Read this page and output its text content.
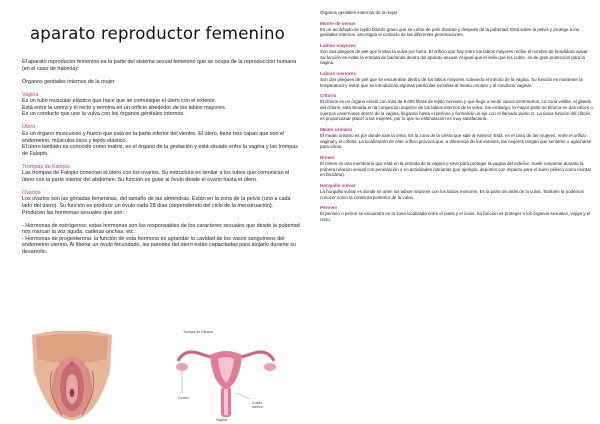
aparato reproductor femenino

El aparato reproductor femenino es la parte del sistema sexual femenino que se ocupa de la reproducción humana (en el caso de haberla):

Órganos genitales internos de la mujer

Vagina

Es un tubo muscular elástico que hace que se comunique el útero con el exterior.

Está entre la uretra y el recto y termina en un orificio alrededor de los labios mayores.

Es un conducto que une la vulva con los órganos genitales internos.

Útero

Es un órgano musculoso y hueco que está en la parte inferior del vientre. El útero, tiene tres capas que son el endometrio, músculos lisos y tejido elástico.

El útero también es conocido como matriz, es el órgano de la gestación y está situado entre la vagina y las trompas de Falopio.

Trompas de Falopio

Las trompas de Falopio conectan el útero con los ovarios. Su estructura es similar a los tubos que comunican el útero con la parte interior del abdomen. Su función es guiar al óvulo desde el ovario hasta el útero.

Ovarios

Los ovarios son las gónadas femeninas, del tamaño de las almendras. Están en la zona de la pelvis (uno a cada lado del útero). Su función es producir un óvulo cada 28 días (dependiendo del ciclo de la menstruación).

Producen las hormonas sexuales que son:

- Hormonas de estrógenos: estas hormonas son las responsables de los caracteres sexuales que desde la pubertad nos marcan la voz aguda, caderas anchas, etc.

- Hormonas de progesterona: la función de esta hormona es agrandar la cavidad de los vasos sanguíneos del endometrio uterino. Al liberar un óvulo fecundado, las paredes del útero están capacitadas para alojarlo durante su desarrollo.

Trompa de Falopio
Ovario
Cuello uterino
Vagina

Órganos genitales externos de la mujer

Monte de venus

Es un acolchado de tejido blando graso que se cubre de pelo durante y después de la pubertad. Está sobre la pelvis y protege a los genitales internos, amortigua el contacto de las diferentes penetraciones.

Labios mayores

Son dos pliegues de piel que limitan la vulva por fuera. El orificio que hay entre los labios mayores recibe el nombre de hendidura vulvar. Su función es evitar la entrada de bacterias dentro del aparato sexual. Al igual que el vello que los cubre, es de gran protección para la vagina.

Labios menores

Son dos pliegues de piel que se encuentran dentro de los labios mayores rodeando el introito de la vagina. Su función es mantener la temperatura y evitar que se introduzcan algunas partículas extrañas al meato urinario y al conducto vaginal.

Clítoris

El clítoris es un órgano eréctil con más de 8.000 fibras de tejido nervioso y que llega a medir varios centímetros. La zona visible, el glande del clítoris, está situada en la conjunción superior de los labios internos de la vulva. Sin embargo, la mayor parte se bifurca en dos raíces o cuerpos cavernosos dentro de la vagina, llegando hasta el perineo y formando un eje con el llamado punto G. La única función del clítoris es proporcionar placer a las mujeres, por lo que su estimulación es muy satisfactoria.

Meato urinario

El meato urinario es por donde sale la orina. Es la zona de la uretra que sale al exterior. Está, en el caso de las mujeres, entre el orificio vaginal y el clítoris. La localización de este orificio provoca que, a diferencia de los varones, las mujeres tengan que sentarse o agacharse para orinar.

Himen

El himen es una membrana que está en la entrada de la vagina y sirve para proteger la vagina del exterior. Suele romperse durante la primera relación sexual con penetración o en actividades rutinarias (por ejemplo, deportes con impacto para el suelo pélvico como montar en bicicleta).

Horquilla vulvar

La horquilla vulvar es donde se unen los labios mayores con los labios menores. Es la parte de atrás de la vulva. También la podemos conocer como la comisura posterior de la vulva.

Perineo

El perineo o periné se encuentra en la zona localizada entre el pubis y el coxis. Su función es proteger a los órganos sexuales, vejiga y el recto.
